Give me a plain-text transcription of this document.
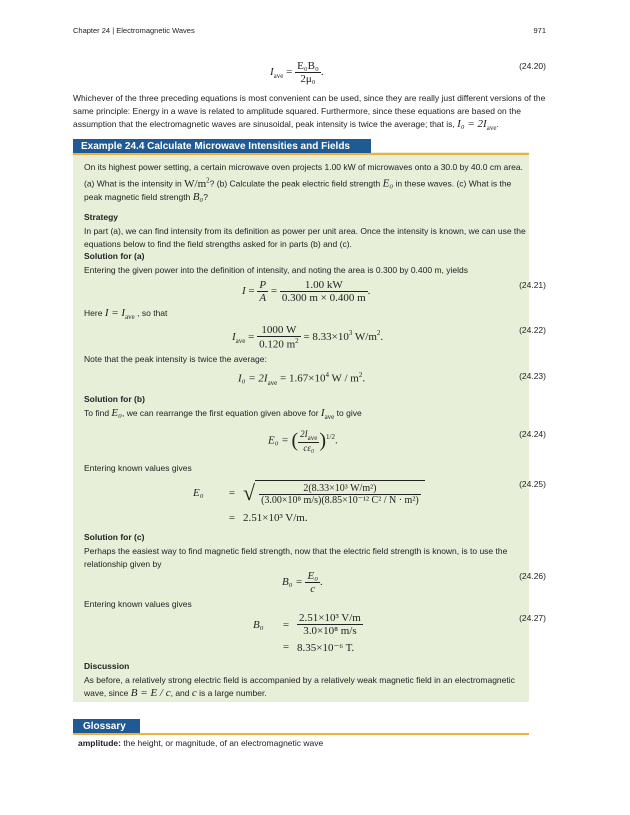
Chapter 24 | Electromagnetic Waves	971
$I_{ave} = \frac{\text{E₀B₀}}{\text{2μ₀}}$ .
(24.20)
Whichever of the three preceding equations is most convenient can be used, since they are really just different versions of the same principle: Energy in a wave is related to amplitude squared. Furthermore, since these equations are based on the assumption that the electromagnetic waves are sinusoidal, peak intensity is twice the average; that is, $I_0 = 2I_{ave}$.
Example 24.4 Calculate Microwave Intensities and Fields
On its highest power setting, a certain microwave oven projects 1.00 kW of microwaves onto a 30.0 by 40.0 cm area. (a) What is the intensity in $W/m^2$? (b) Calculate the peak electric field strength E₀ in these waves. (c) What is the peak magnetic field strength B₀?
Strategy
In part (a), we can find intensity from its definition as power per unit area. Once the intensity is known, we can use the equations below to find the field strengths asked for in parts (b) and (c).
Solution for (a)
Entering the given power into the definition of intensity, and noting the area is 0.300 by 0.400 m, yields
$I = \frac{P}{A} = \frac{1.00 kW}{0.300 m \times 0.400 m}$ .
(24.21)
Here $I = I_{ave}$ , so that
$I_{ave} = \frac{1000 W}{0.120 m^2} = 8.33\times 10^3$ $W/m^2$.
(24.22)
Note that the peak intensity is twice the average:
$I_0 = 2I_{ave} = 1.67\times 10^4$ W / $m^2$.	(24.23)
Solution for (b)
To find E₀, we can rearrange the first equation given above for $I_{ave}$ to give
E₀ = ( $\frac{2I_{ave}}{\text{cε₀}} )^{1/2}$.
(24.24)
Entering known values gives
E₀	= √ $\frac{\text{2(8.33×10³ W/m²)}}{\text{(3.00×10⁸ m/s)(8.85×10⁻¹² C² / N · m²)}}$
= 2.51×10³ V/m.
(24.25)
Solution for (c)
Perhaps the easiest way to find magnetic field strength, now that the electric field strength is known, is to use the relationship given by
$B_0 = \frac{\text{E₀}}{c}$ .
(24.26)
Entering known values gives
B₀	= $\frac{\text{2.51×10³ V/m}}{\text{3.0×10⁸ m/s}}$
= 8.35×10⁻⁶ T.
(24.27)
Discussion
As before, a relatively strong electric field is accompanied by a relatively weak magnetic field in an electromagnetic wave, since B = E / c, and c is a large number.
Glossary
amplitude: the height, or magnitude, of an electromagnetic wave
